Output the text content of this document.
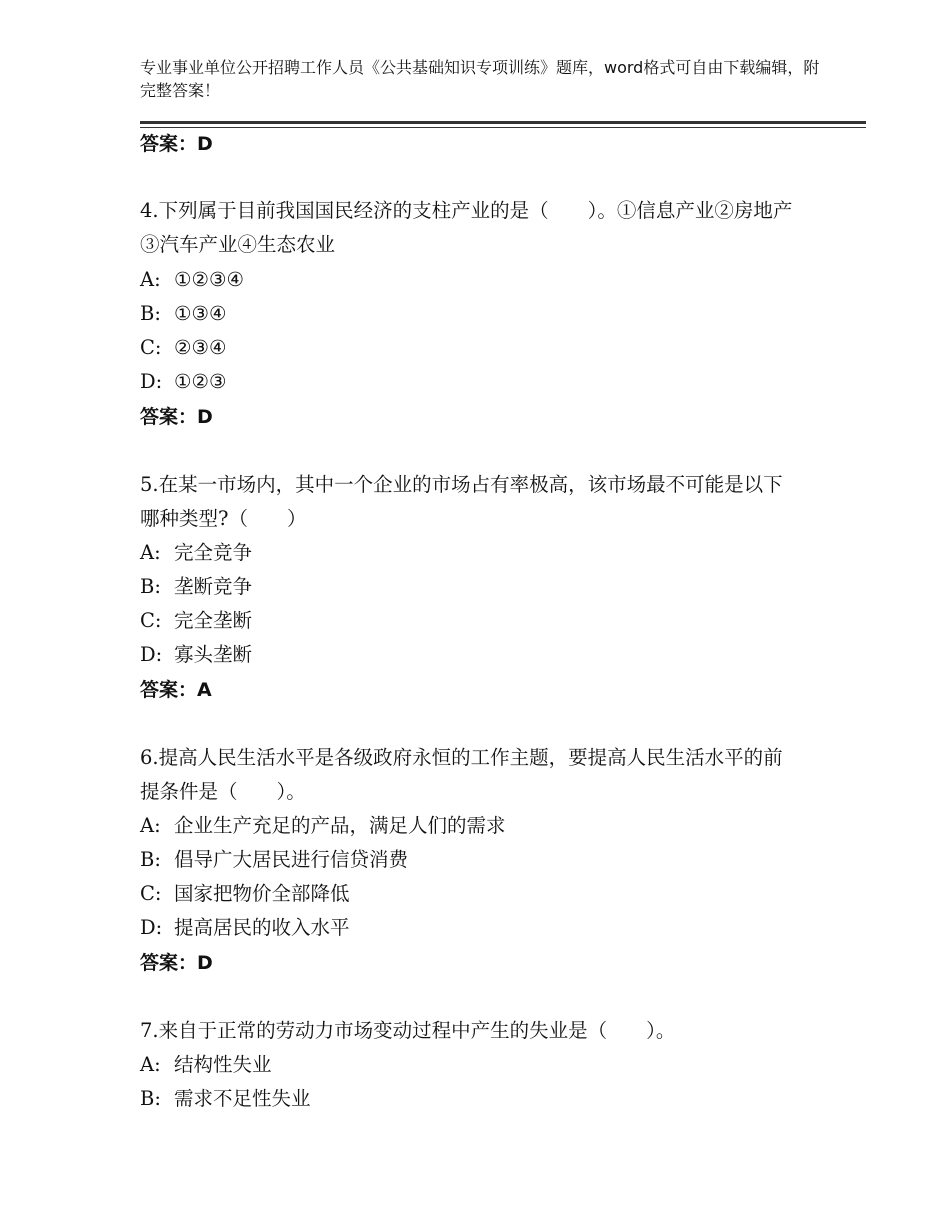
专业事业单位公开招聘工作人员《公共基础知识专项训练》题库，word格式可自由下载编辑，附完整答案！
答案：D
4.下列属于目前我国国民经济的支柱产业的是（　　）。①信息产业②房地产③汽车产业④生态农业
A: ①②③④
B: ①③④
C: ②③④
D: ①②③
答案：D
5.在某一市场内，其中一个企业的市场占有率极高，该市场最不可能是以下哪种类型?（　　）
A: 完全竞争
B: 垄断竞争
C: 完全垄断
D: 寡头垄断
答案：A
6.提高人民生活水平是各级政府永恒的工作主题，要提高人民生活水平的前提条件是（　　）。
A: 企业生产充足的产品，满足人们的需求
B: 倡导广大居民进行信贷消费
C: 国家把物价全部降低
D: 提高居民的收入水平
答案：D
7.来自于正常的劳动力市场变动过程中产生的失业是（　　）。
A: 结构性失业
B: 需求不足性失业
